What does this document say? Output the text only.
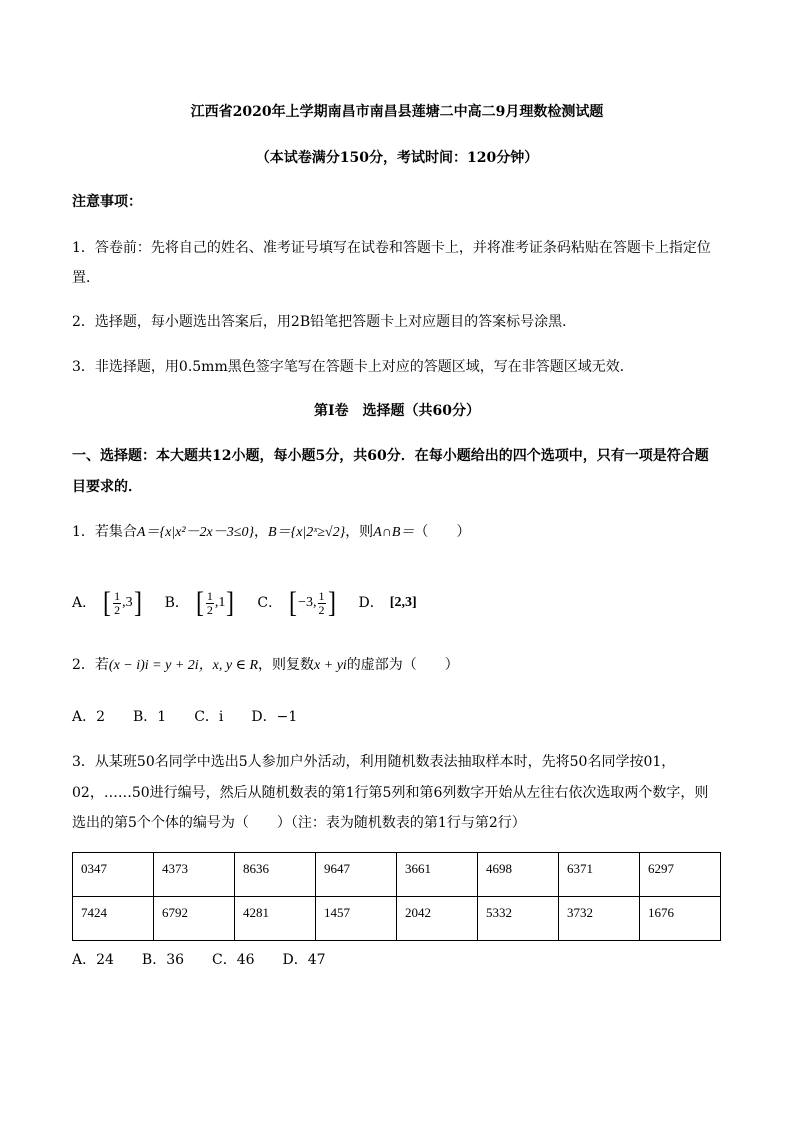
江西省2020年上学期南昌市南昌县莲塘二中高二9月理数检测试题
（本试卷满分150分，考试时间：120分钟）
注意事项：
1．答卷前：先将自己的姓名、准考证号填写在试卷和答题卡上，并将准考证条码粘贴在答题卡上指定位
置．
2．选择题，每小题选出答案后，用2B铅笔把答题卡上对应题目的答案标号涂黑．
3．非选择题，用0.5mm黑色签字笔写在答题卡上对应的答题区域，写在非答题区域无效．
第Ⅰ卷　选择题（共60分）
一、选择题：本大题共12小题，每小题5分，共60分．在每小题给出的四个选项中，只有一项是符合题
目要求的．
1．若集合A＝{x|x²－2x－3≤0}，B＝{x|2ˣ≥√2}，则A∩B＝（　　）
A． [ $\frac{1}{2} ,3$ ] B． [ $\frac{1}{2} ,1$ ] C． [ −3, $\frac{1}{2}$ ] D． [2,3]
2．若(x − i)i = y + 2i，x, y ∈ R，则复数x + yi的虚部为（　　）
A．2　　B．1　　C．i　　D．−1
3．从某班50名同学中选出5人参加户外活动，利用随机数表法抽取样本时，先将50名同学按01，
02，……50进行编号，然后从随机数表的第1行第5列和第6列数字开始从左往右依次选取两个数字，则
选出的第5个个体的编号为（　　）（注：表为随机数表的第1行与第2行）
0347	4373	8636	9647	3661	4698	6371	6297
7424	6792	4281	1457	2042	5332	3732	1676
A．24　　B．36　　C．46　　D．47
